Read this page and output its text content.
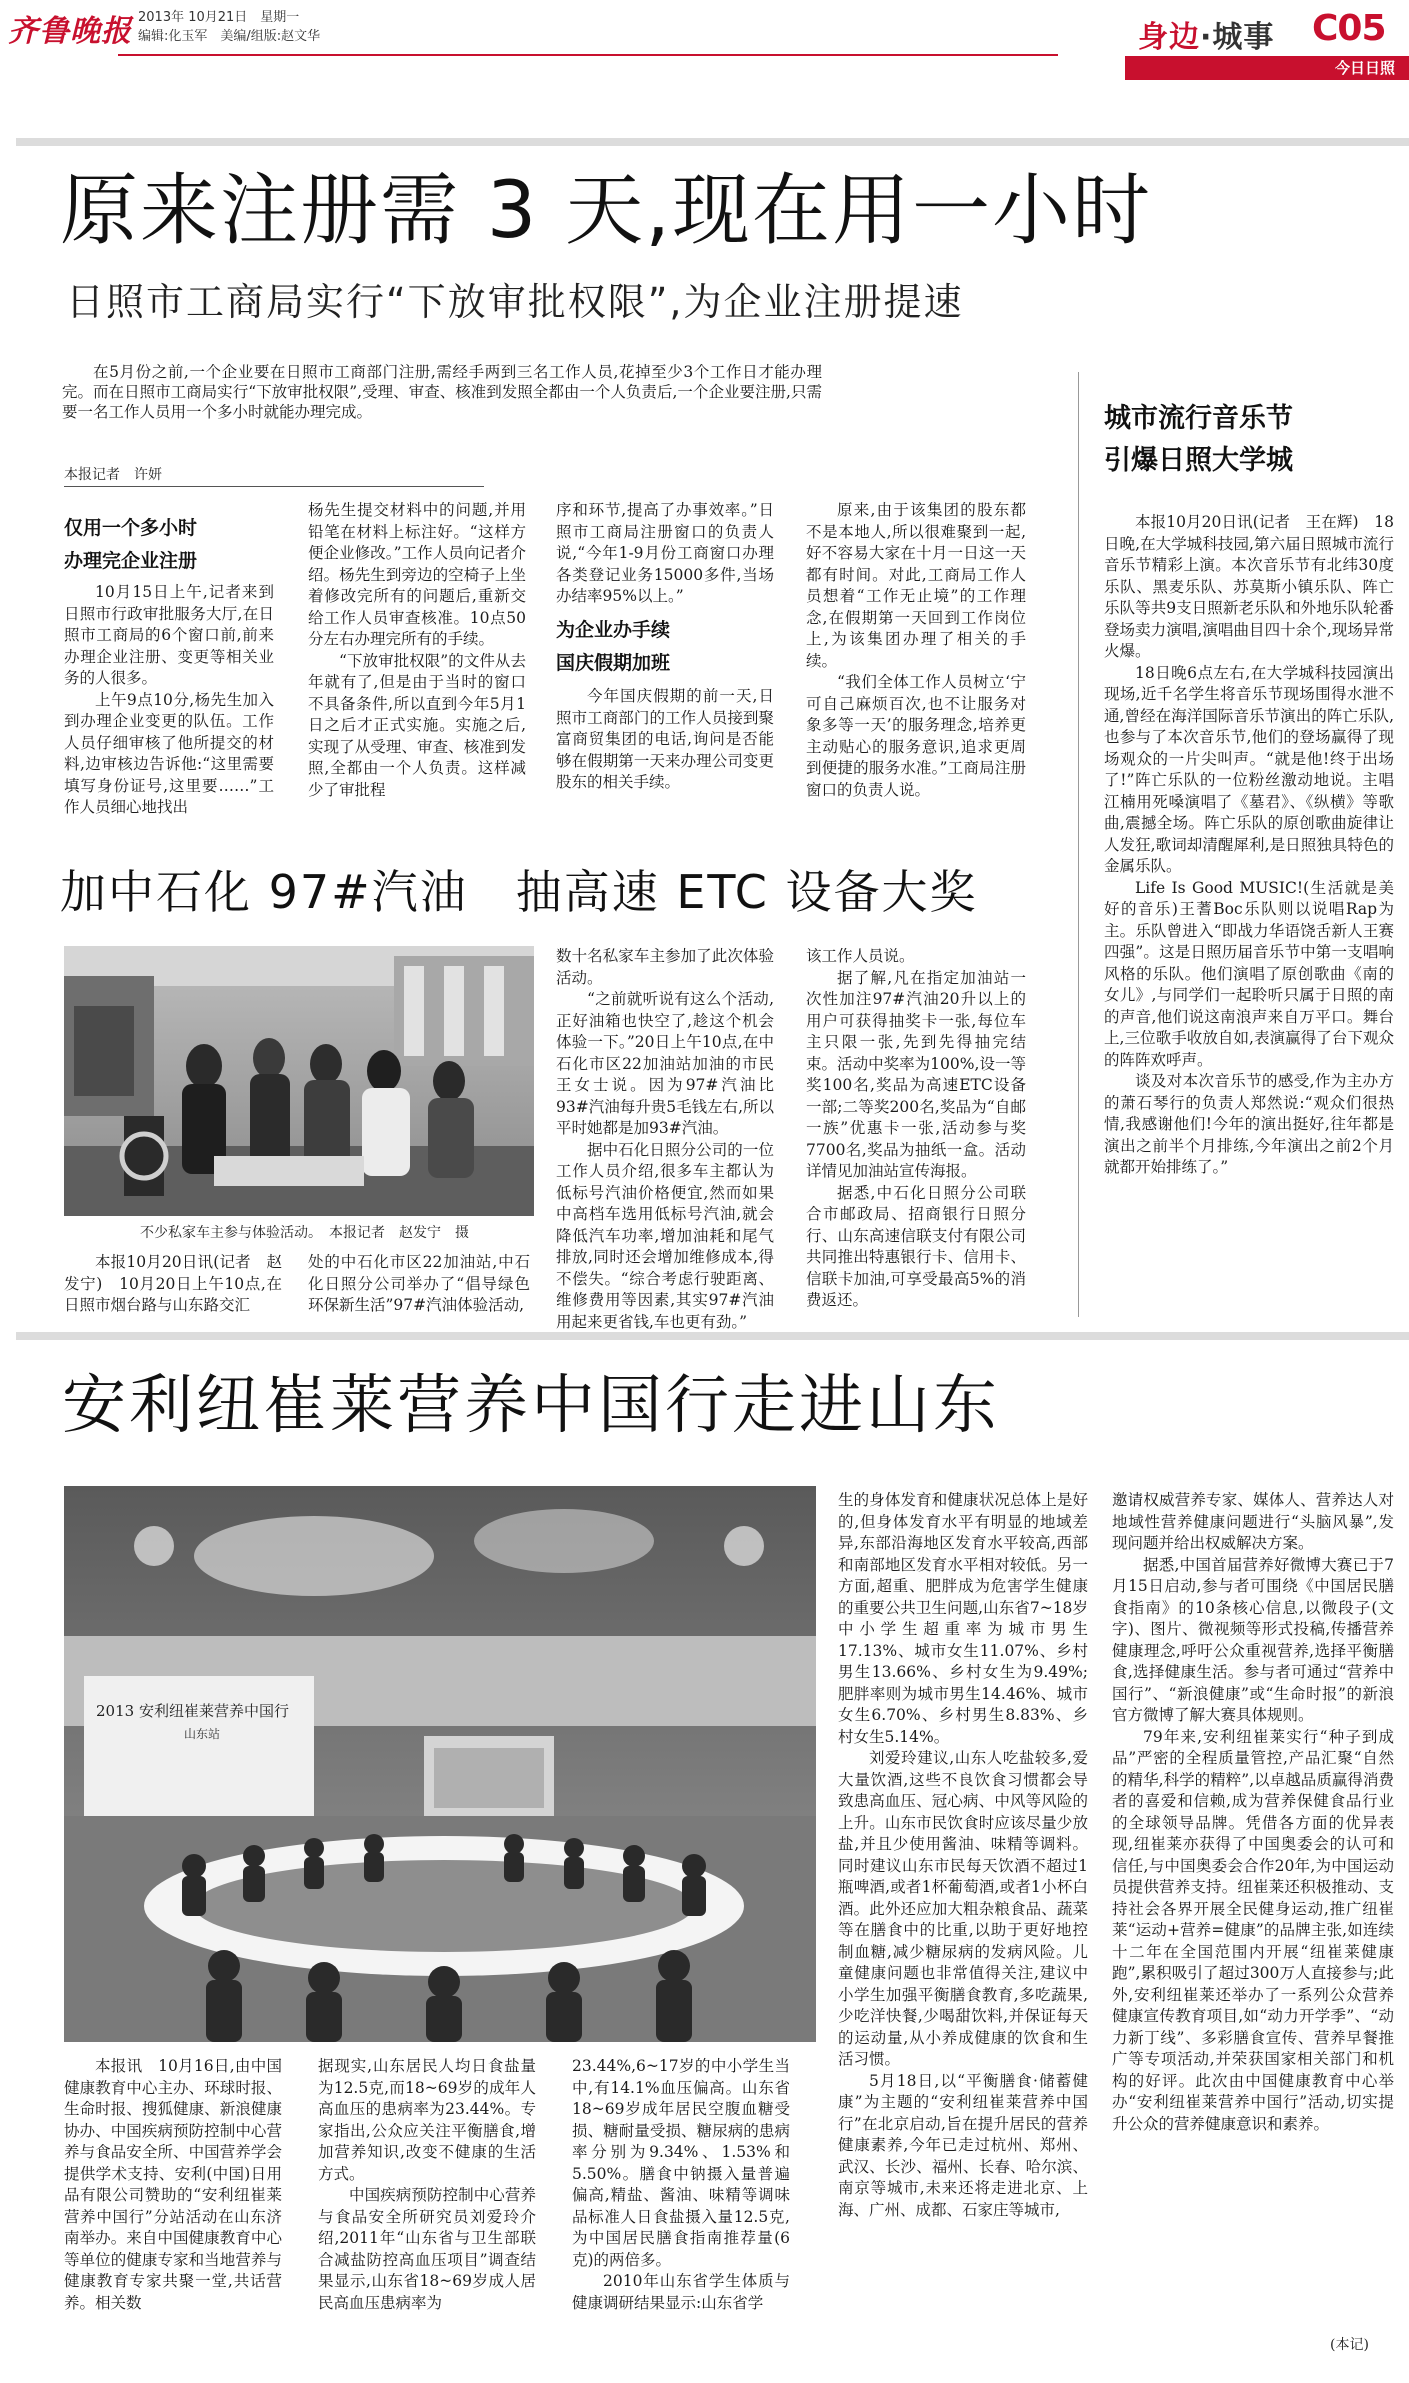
齐鲁晚报 2013年 10月21日　星期一
编辑:化玉军　美编/组版:赵文华	身边·城事 C05
今日日照
原来注册需 3 天,现在用一小时
日照市工商局实行“下放审批权限”,为企业注册提速

在5月份之前,一个企业要在日照市工商部门注册,需经手两到三名工作人员,花掉至少3个工作日才能办理完。而在日照市工商局实行“下放审批权限”,受理、审查、核准到发照全都由一个人负责后,一个企业要注册,只需要一名工作人员用一个多小时就能办理完成。

本报记者　许妍
仅用一个多小时
办理完企业注册

10月15日上午,记者来到日照市行政审批服务大厅,在日照市工商局的6个窗口前,前来办理企业注册、变更等相关业务的人很多。

上午9点10分,杨先生加入到办理企业变更的队伍。工作人员仔细审核了他所提交的材料,边审核边告诉他:“这里需要填写身份证号,这里要……”工作人员细心地找出

杨先生提交材料中的问题,并用铅笔在材料上标注好。“这样方便企业修改。”工作人员向记者介绍。杨先生到旁边的空椅子上坐着修改完所有的问题后,重新交给工作人员审查核准。10点50分左右办理完所有的手续。

“下放审批权限”的文件从去年就有了,但是由于当时的窗口不具备条件,所以直到今年5月1日之后才正式实施。实施之后,实现了从受理、审查、核准到发照,全都由一个人负责。这样减少了审批程

序和环节,提高了办事效率。”日照市工商局注册窗口的负责人说,“今年1-9月份工商窗口办理各类登记业务15000多件,当场办结率95%以上。”

为企业办手续
国庆假期加班

今年国庆假期的前一天,日照市工商部门的工作人员接到聚富商贸集团的电话,询问是否能够在假期第一天来办理公司变更股东的相关手续。

原来,由于该集团的股东都不是本地人,所以很难聚到一起,好不容易大家在十月一日这一天都有时间。对此,工商局工作人员想着“工作无止境”的工作理念,在假期第一天回到工作岗位上,为该集团办理了相关的手续。

“我们全体工作人员树立‘宁可自己麻烦百次,也不让服务对象多等一天’的服务理念,培养更主动贴心的服务意识,追求更周到便捷的服务水准。”工商局注册窗口的负责人说。

城市流行音乐节
引爆日照大学城

本报10月20日讯(记者　王在辉)　18日晚,在大学城科技园,第六届日照城市流行音乐节精彩上演。本次音乐节有北纬30度乐队、黑麦乐队、苏莫斯小镇乐队、阵亡乐队等共9支日照新老乐队和外地乐队轮番登场卖力演唱,演唱曲目四十余个,现场异常火爆。

18日晚6点左右,在大学城科技园演出现场,近千名学生将音乐节现场围得水泄不通,曾经在海洋国际音乐节演出的阵亡乐队,也参与了本次音乐节,他们的登场赢得了现场观众的一片尖叫声。“就是他!终于出场了!”阵亡乐队的一位粉丝激动地说。主唱江楠用死嗓演唱了《墓君》、《纵横》等歌曲,震撼全场。阵亡乐队的原创歌曲旋律让人发狂,歌词却清醒犀利,是日照独具特色的金属乐队。

Life Is Good MUSIC!(生活就是美好的音乐)王蓍Boc乐队则以说唱Rap为主。乐队曾进入“即战力华语饶舌新人王赛四强”。这是日照历届音乐节中第一支唱响风格的乐队。他们演唱了原创歌曲《南的女儿》,与同学们一起聆听只属于日照的南的声音,他们说这南浪声来自万平口。舞台上,三位歌手收放自如,表演赢得了台下观众的阵阵欢呼声。

谈及对本次音乐节的感受,作为主办方的萧石琴行的负责人郑然说:“观众们很热情,我感谢他们!今年的演出挺好,往年都是演出之前半个月排练,今年演出之前2个月就都开始排练了。”

加中石化 97#汽油　抽高速 ETC 设备大奖
不少私家车主参与体验活动。　本报记者　赵发宁　摄

本报10月20日讯(记者　赵发宁)　10月20日上午10点,在日照市烟台路与山东路交汇

处的中石化市区22加油站,中石化日照分公司举办了“倡导绿色环保新生活”97#汽油体验活动,

数十名私家车主参加了此次体验活动。

“之前就听说有这么个活动,正好油箱也快空了,趁这个机会体验一下。”20日上午10点,在中石化市区22加油站加油的市民王女士说。因为97#汽油比93#汽油每升贵5毛钱左右,所以平时她都是加93#汽油。

据中石化日照分公司的一位工作人员介绍,很多车主都认为低标号汽油价格便宜,然而如果中高档车选用低标号汽油,就会降低汽车功率,增加油耗和尾气排放,同时还会增加维修成本,得不偿失。“综合考虑行驶距离、维修费用等因素,其实97#汽油用起来更省钱,车也更有劲。”

该工作人员说。

据了解,凡在指定加油站一次性加注97#汽油20升以上的用户可获得抽奖卡一张,每位车主只限一张,先到先得抽完结束。活动中奖率为100%,设一等奖100名,奖品为高速ETC设备一部;二等奖200名,奖品为“自邮一族”优惠卡一张,活动参与奖7700名,奖品为抽纸一盒。活动详情见加油站宣传海报。

据悉,中石化日照分公司联合市邮政局、招商银行日照分行、山东高速信联支付有限公司共同推出特惠银行卡、信用卡、信联卡加油,可享受最高5%的消费返还。

安利纽崔莱营养中国行走进山东
2013 安利纽崔莱营养中国行
山东站

本报讯　10月16日,由中国健康教育中心主办、环球时报、生命时报、搜狐健康、新浪健康协办、中国疾病预防控制中心营养与食品安全所、中国营养学会提供学术支持、安利(中国)日用品有限公司赞助的“安利纽崔莱营养中国行”分站活动在山东济南举办。来自中国健康教育中心等单位的健康专家和当地营养与健康教育专家共聚一堂,共话营养。相关数

据现实,山东居民人均日食盐量为12.5克,而18~69岁的成年人高血压的患病率为23.44%。专家指出,公众应关注平衡膳食,增加营养知识,改变不健康的生活方式。

中国疾病预防控制中心营养与食品安全所研究员刘爱玲介绍,2011年“山东省与卫生部联合减盐防控高血压项目”调查结果显示,山东省18~69岁成人居民高血压患病率为

23.44%,6~17岁的中小学生当中,有14.1%血压偏高。山东省18~69岁成年居民空腹血糖受损、糖耐量受损、糖尿病的患病率分别为9.34%、1.53%和5.50%。膳食中钠摄入量普遍偏高,精盐、酱油、味精等调味品标准人日食盐摄入量12.5克,为中国居民膳食指南推荐量(6克)的两倍多。

2010年山东省学生体质与健康调研结果显示:山东省学

生的身体发育和健康状况总体上是好的,但身体发育水平有明显的地域差异,东部沿海地区发育水平较高,西部和南部地区发育水平相对较低。另一方面,超重、肥胖成为危害学生健康的重要公共卫生问题,山东省7~18岁中小学生超重率为城市男生17.13%、城市女生11.07%、乡村男生13.66%、乡村女生为9.49%;肥胖率则为城市男生14.46%、城市女生6.70%、乡村男生8.83%、乡村女生5.14%。

刘爱玲建议,山东人吃盐较多,爱大量饮酒,这些不良饮食习惯都会导致患高血压、冠心病、中风等风险的上升。山东市民饮食时应该尽量少放盐,并且少使用酱油、味精等调料。同时建议山东市民每天饮酒不超过1瓶啤酒,或者1杯葡萄酒,或者1小杯白酒。此外还应加大粗杂粮食品、蔬菜等在膳食中的比重,以助于更好地控制血糖,减少糖尿病的发病风险。儿童健康问题也非常值得关注,建议中小学生加强平衡膳食教育,多吃蔬果,少吃洋快餐,少喝甜饮料,并保证每天的运动量,从小养成健康的饮食和生活习惯。

5月18日,以“平衡膳食·储蓄健康”为主题的“安利纽崔莱营养中国行”在北京启动,旨在提升居民的营养健康素养,今年已走过杭州、郑州、武汉、长沙、福州、长春、哈尔滨、南京等城市,未来还将走进北京、上海、广州、成都、石家庄等城市,

邀请权威营养专家、媒体人、营养达人对地域性营养健康问题进行“头脑风暴”,发现问题并给出权威解决方案。

据悉,中国首届营养好微博大赛已于7月15日启动,参与者可围绕《中国居民膳食指南》的10条核心信息,以微段子(文字)、图片、微视频等形式投稿,传播营养健康理念,呼吁公众重视营养,选择平衡膳食,选择健康生活。参与者可通过“营养中国行”、“新浪健康”或“生命时报”的新浪官方微博了解大赛具体规则。

79年来,安利纽崔莱实行“种子到成品”严密的全程质量管控,产品汇聚“自然的精华,科学的精粹”,以卓越品质赢得消费者的喜爱和信赖,成为营养保健食品行业的全球领导品牌。凭借各方面的优异表现,纽崔莱亦获得了中国奥委会的认可和信任,与中国奥委会合作20年,为中国运动员提供营养支持。纽崔莱还积极推动、支持社会各界开展全民健身运动,推广纽崔莱“运动+营养=健康”的品牌主张,如连续十二年在全国范围内开展“纽崔莱健康跑”,累积吸引了超过300万人直接参与;此外,安利纽崔莱还举办了一系列公众营养健康宣传教育项目,如“动力开学季”、“动力新丁线”、多彩膳食宣传、营养早餐推广等专项活动,并荣获国家相关部门和机构的好评。此次由中国健康教育中心举办“安利纽崔莱营养中国行”活动,切实提升公众的营养健康意识和素养。

(本记)
